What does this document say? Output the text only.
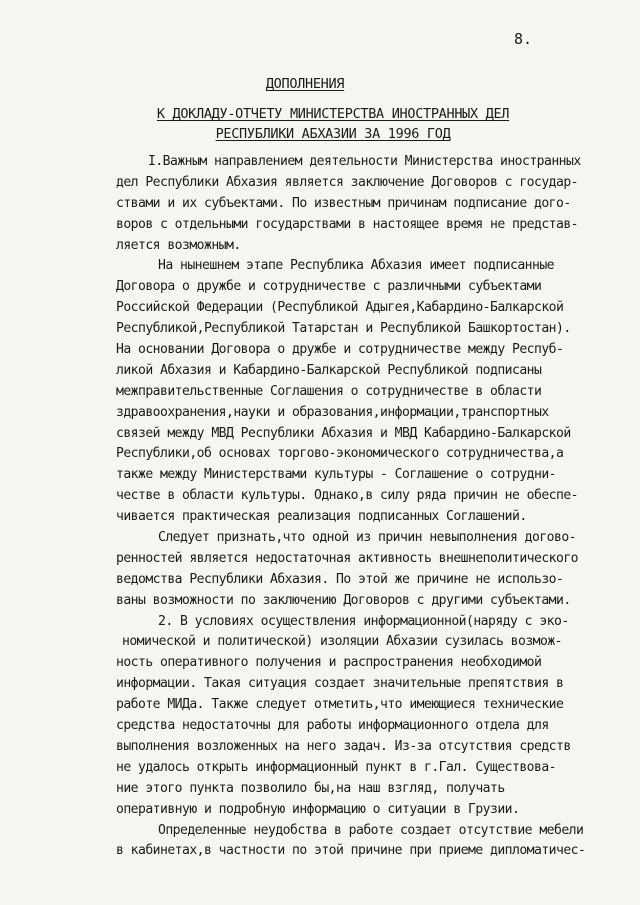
8.
ДОПОЛНЕНИЯ
К ДОКЛАДУ-ОТЧЕТУ МИНИСТЕРСТВА ИНОСТРАННЫХ ДЕЛ
РЕСПУБЛИКИ АБХАЗИИ ЗА 1996 ГОД
I.Важным направлением деятельности Министерства иностранных
дел Республики Абхазия является заключение Договоров с государ-
ствами и их субъектами. По известным причинам подписание дого-
воров с отдельными государствами в настоящее время не представ-
ляется возможным.
На нынешнем этапе Республика Абхазия имеет подписанные
Договора о дружбе и сотрудничестве с различными субъектами
Российской Федерации (Республикой Адыгея,Кабардино-Балкарской
Республикой,Республикой Татарстан и Республикой Башкортостан).
На основании Договора о дружбе и сотрудничестве между Респуб-
ликой Абхазия и Кабардино-Балкарской Республикой подписаны
межправительственные Соглашения о сотрудничестве в области
здравоохранения,науки и образования,информации,транспортных
связей между МВД Республики Абхазия и МВД Кабардино-Балкарской
Республики,об основах торгово-экономического сотрудничества,а
также между Министерствами культуры - Соглашение о сотрудни-
честве в области культуры. Однако,в силу ряда причин не обеспе-
чивается практическая реализация подписанных Соглашений.
Следует признать,что одной из причин невыполнения догово-
ренностей является недостаточная активность внешнеполитического
ведомства Республики Абхазия. По этой же причине не использо-
ваны возможности по заключению Договоров с другими субъектами.
2. В условиях осуществления информационной(наряду с эко-
номической и политической) изоляции Абхазии сузилась возмож-
ность оперативного получения и распространения необходимой
информации. Такая ситуация создает значительные препятствия в
работе МИДа. Также следует отметить,что имеющиеся технические
средства недостаточны для работы информационного отдела для
выполнения возложенных на него задач. Из-за отсутствия средств
не удалось открыть информационный пункт в г.Гал. Существова-
ние этого пункта позволило бы,на наш взгляд, получать
оперативную и подробную информацию о ситуации в Грузии.
Определенные неудобства в работе создает отсутствие мебели
в кабинетах,в частности по этой причине при приеме дипломатичес-
